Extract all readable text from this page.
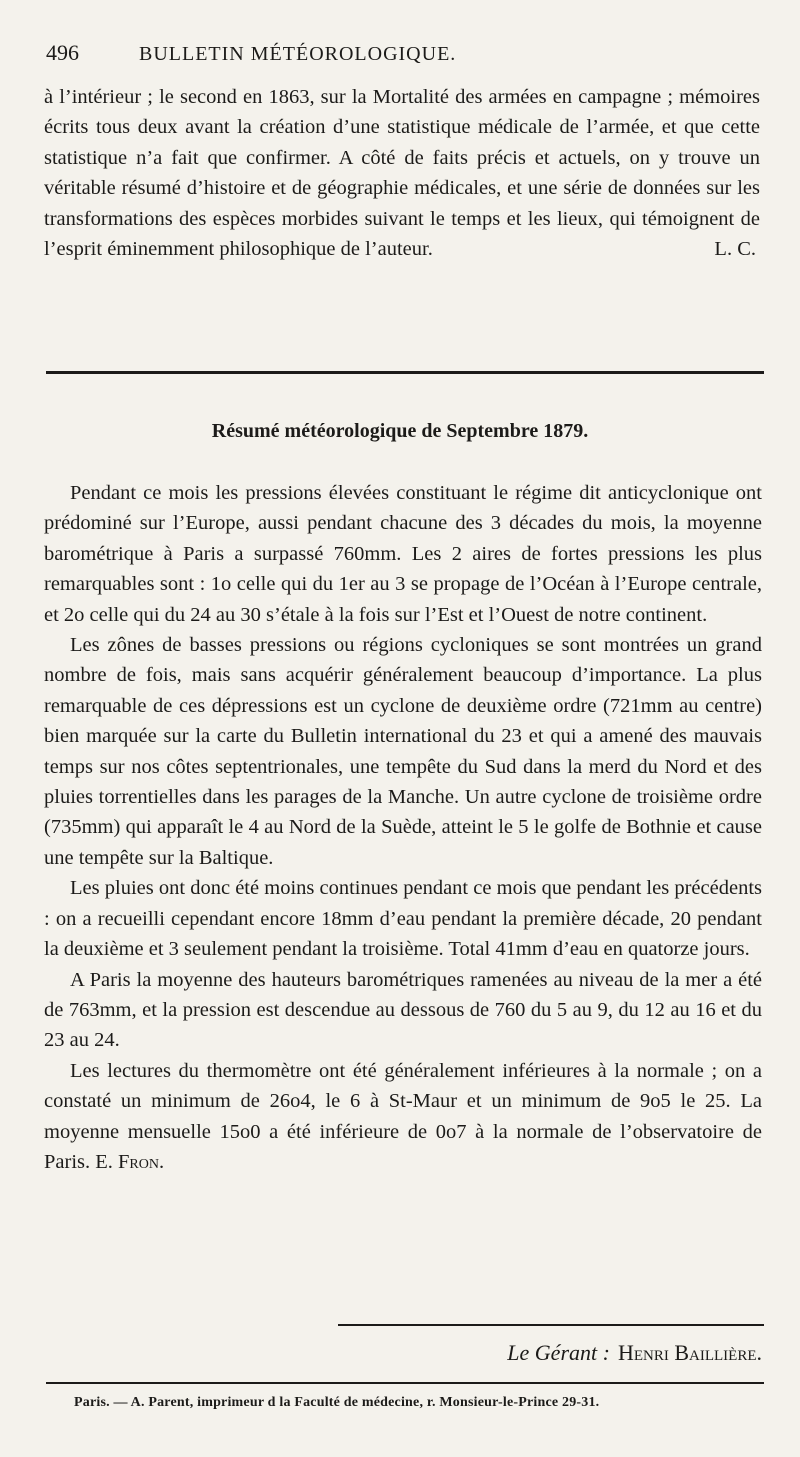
496	BULLETIN MÉTÉOROLOGIQUE.

à l’intérieur ; le second en 1863, sur la Mortalité des armées en campagne ; mémoires écrits tous deux avant la création d’une statistique médicale de l’armée, et que cette statistique n’a fait que confirmer. A côté de faits précis et actuels, on y trouve un véritable résumé d’histoire et de géographie médicales, et une série de données sur les transformations des espèces morbides suivant le temps et les lieux, qui témoignent de l’esprit éminemment philosophique de l’auteur.	L. C.

Résumé météorologique de Septembre 1879.

Pendant ce mois les pressions élevées constituant le régime dit anticyclonique ont prédominé sur l’Europe, aussi pendant chacune des 3 décades du mois, la moyenne barométrique à Paris a surpassé 760mm. Les 2 aires de fortes pressions les plus remarquables sont : 1o celle qui du 1er au 3 se propage de l’Océan à l’Europe centrale, et 2o celle qui du 24 au 30 s’étale à la fois sur l’Est et l’Ouest de notre continent.

Les zônes de basses pressions ou régions cycloniques se sont montrées un grand nombre de fois, mais sans acquérir généralement beaucoup d’importance. La plus remarquable de ces dépressions est un cyclone de deuxième ordre (721mm au centre) bien marquée sur la carte du Bulletin international du 23 et qui a amené des mauvais temps sur nos côtes septentrionales, une tempête du Sud dans la merd du Nord et des pluies torrentielles dans les parages de la Manche. Un autre cyclone de troisième ordre (735mm) qui apparaît le 4 au Nord de la Suède, atteint le 5 le golfe de Bothnie et cause une tempête sur la Baltique.

Les pluies ont donc été moins continues pendant ce mois que pendant les précédents : on a recueilli cependant encore 18mm d’eau pendant la première décade, 20 pendant la deuxième et 3 seulement pendant la troisième. Total 41mm d’eau en quatorze jours.

A Paris la moyenne des hauteurs barométriques ramenées au niveau de la mer a été de 763mm, et la pression est descendue au dessous de 760 du 5 au 9, du 12 au 16 et du 23 au 24.

Les lectures du thermomètre ont été généralement inférieures à la normale ; on a constaté un minimum de 26o4, le 6 à St-Maur et un minimum de 9o5 le 25. La moyenne mensuelle 15o0 a été inférieure de 0o7 à la normale de l’observatoire de Paris. E. Fron.

Le Gérant : Henri Baillière.

Paris. — A. Parent, imprimeur d la Faculté de médecine, r. Monsieur-le-Prince 29-31.
